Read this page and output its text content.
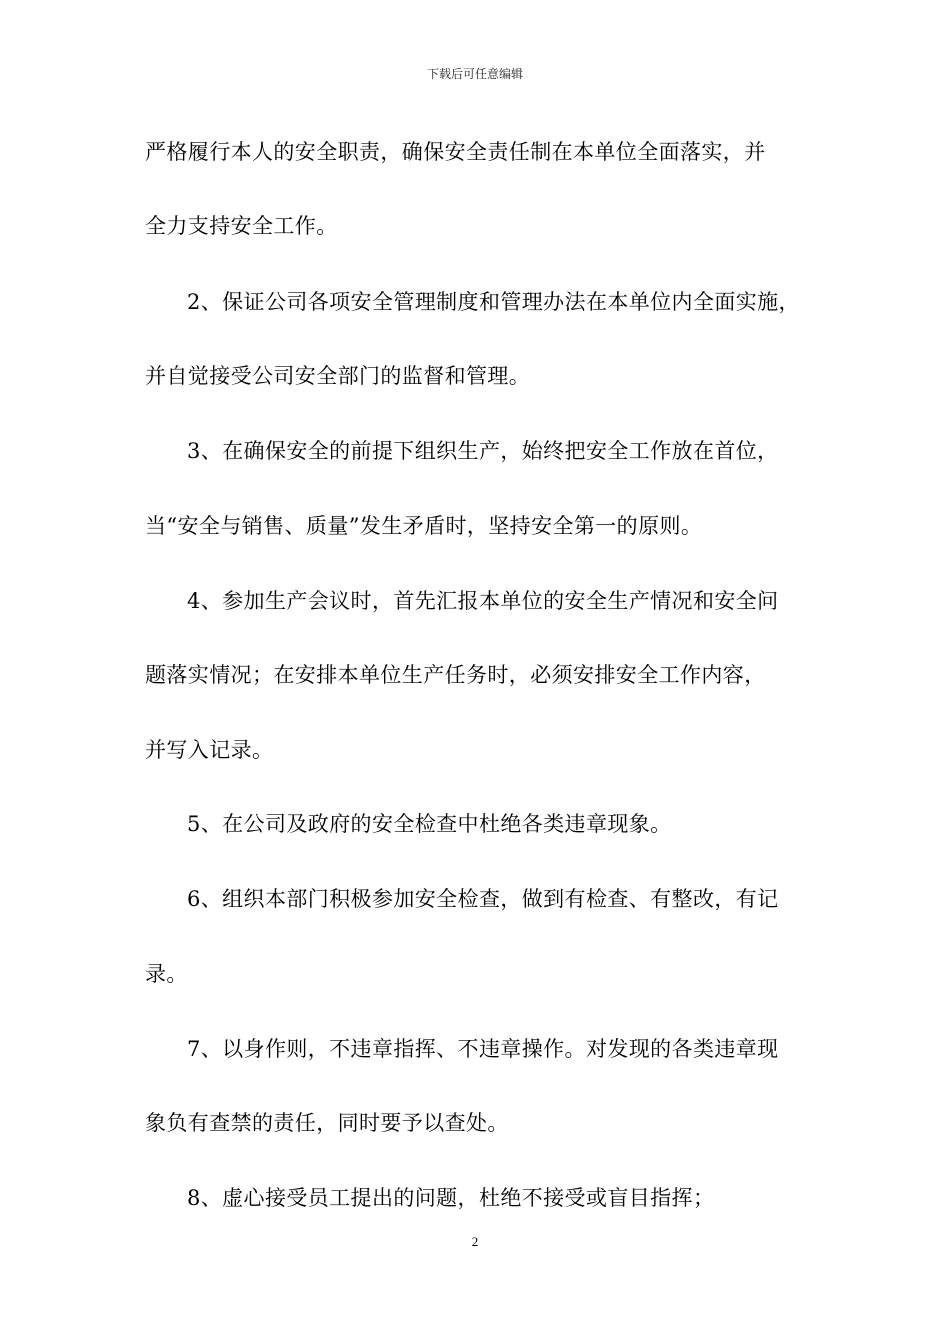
下载后可任意编辑
严格履行本人的安全职责，确保安全责任制在本单位全面落实，并
全力支持安全工作。
2、保证公司各项安全管理制度和管理办法在本单位内全面实施，
并自觉接受公司安全部门的监督和管理。
3、在确保安全的前提下组织生产，始终把安全工作放在首位，
当“安全与销售、质量”发生矛盾时，坚持安全第一的原则。
4、参加生产会议时，首先汇报本单位的安全生产情况和安全问
题落实情况；在安排本单位生产任务时，必须安排安全工作内容，
并写入记录。
5、在公司及政府的安全检查中杜绝各类违章现象。
6、组织本部门积极参加安全检查，做到有检查、有整改，有记
录。
7、以身作则，不违章指挥、不违章操作。对发现的各类违章现
象负有查禁的责任，同时要予以查处。
8、虚心接受员工提出的问题，杜绝不接受或盲目指挥；
2
